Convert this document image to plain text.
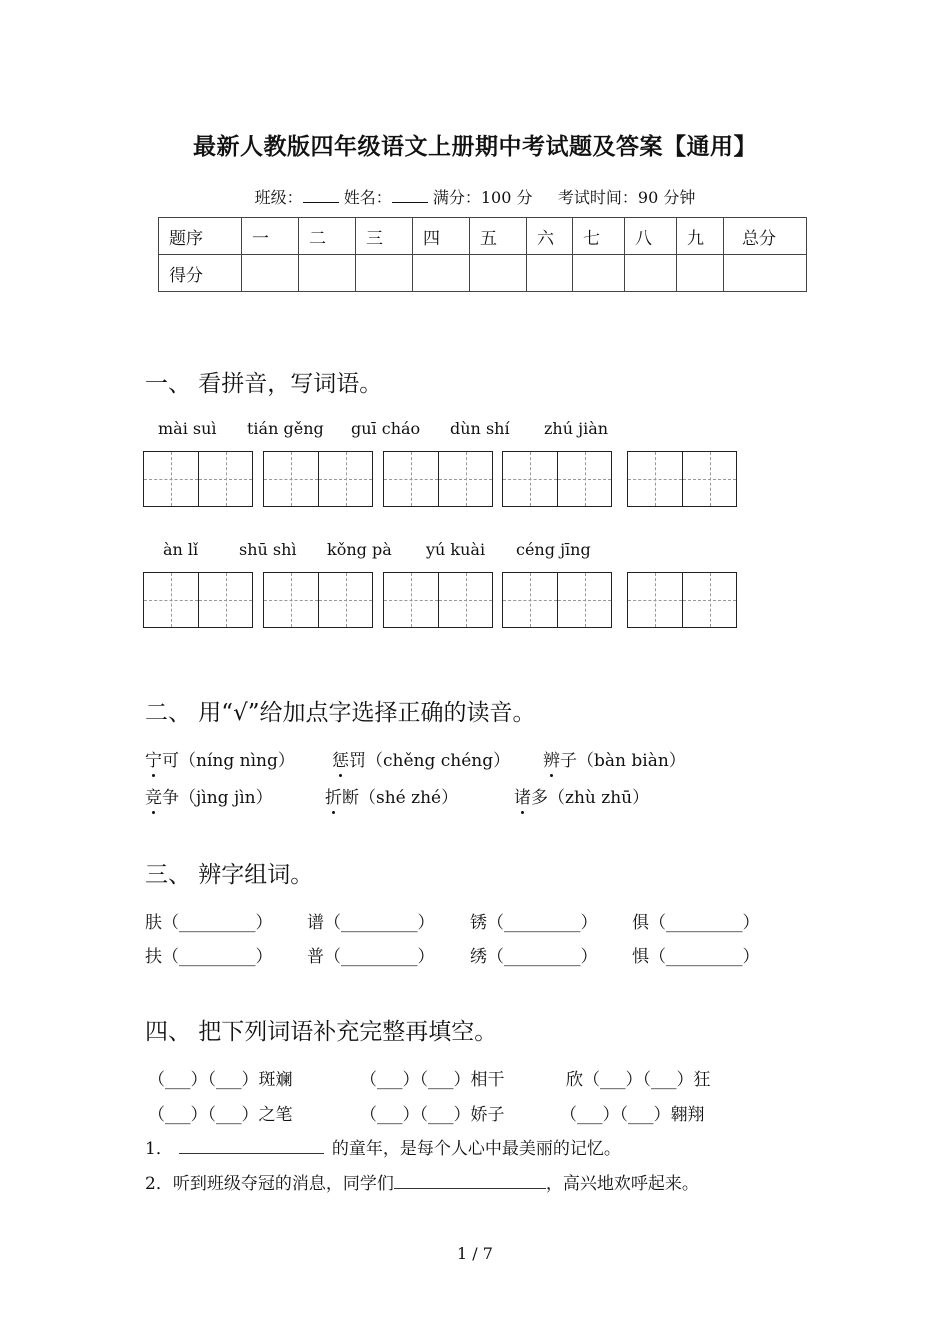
最新人教版四年级语文上册期中考试题及答案【通用】
班级：	姓名：	满分：100 分 考试时间：90 分钟
题序	一	二	三	四	五	六	七	八	九	总分
得分										
一、 看拼音，写词语。
mài suì tián gěng guī cháo dùn shí zhú jiàn
àn lǐ	shū shì kǒng pà yú kuài céng jīng
二、 用“√”给加点字选择正确的读音。
宁可（níng nìng） 惩罚（chěng chéng） 辨子（bàn biàn）
竞争（jìng jìn）	折断（shé zhé）	诸多（zhù zhū）
三、 辨字组词。
肤（_________） 谱（_________） 锈（_________） 俱（_________）
扶（_________） 普（_________） 绣（_________） 惧（_________）
四、 把下列词语补充完整再填空。
（___）（___）斑斓	（___）（___）相干	欣（___）（___）狂
（___）（___）之笔	（___）（___）娇子	（___）（___）翱翔
1．	的童年，是每个人心中最美丽的记忆。
2．听到班级夺冠的消息，同学们	，高兴地欢呼起来。
1 / 7
